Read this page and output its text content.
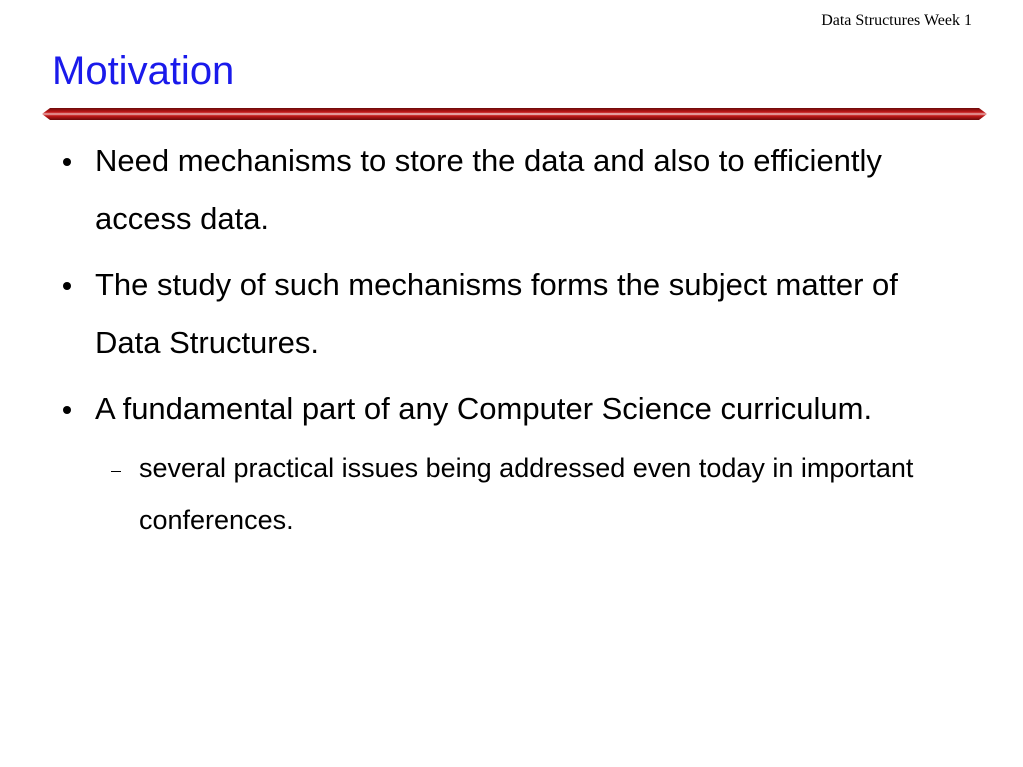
Data Structures Week 1
Motivation

Need mechanisms to store the data and also to efficiently access data.

The study of such mechanisms forms the subject matter of Data Structures.

A fundamental part of any Computer Science curriculum.

several practical issues being addressed even today in important conferences.
